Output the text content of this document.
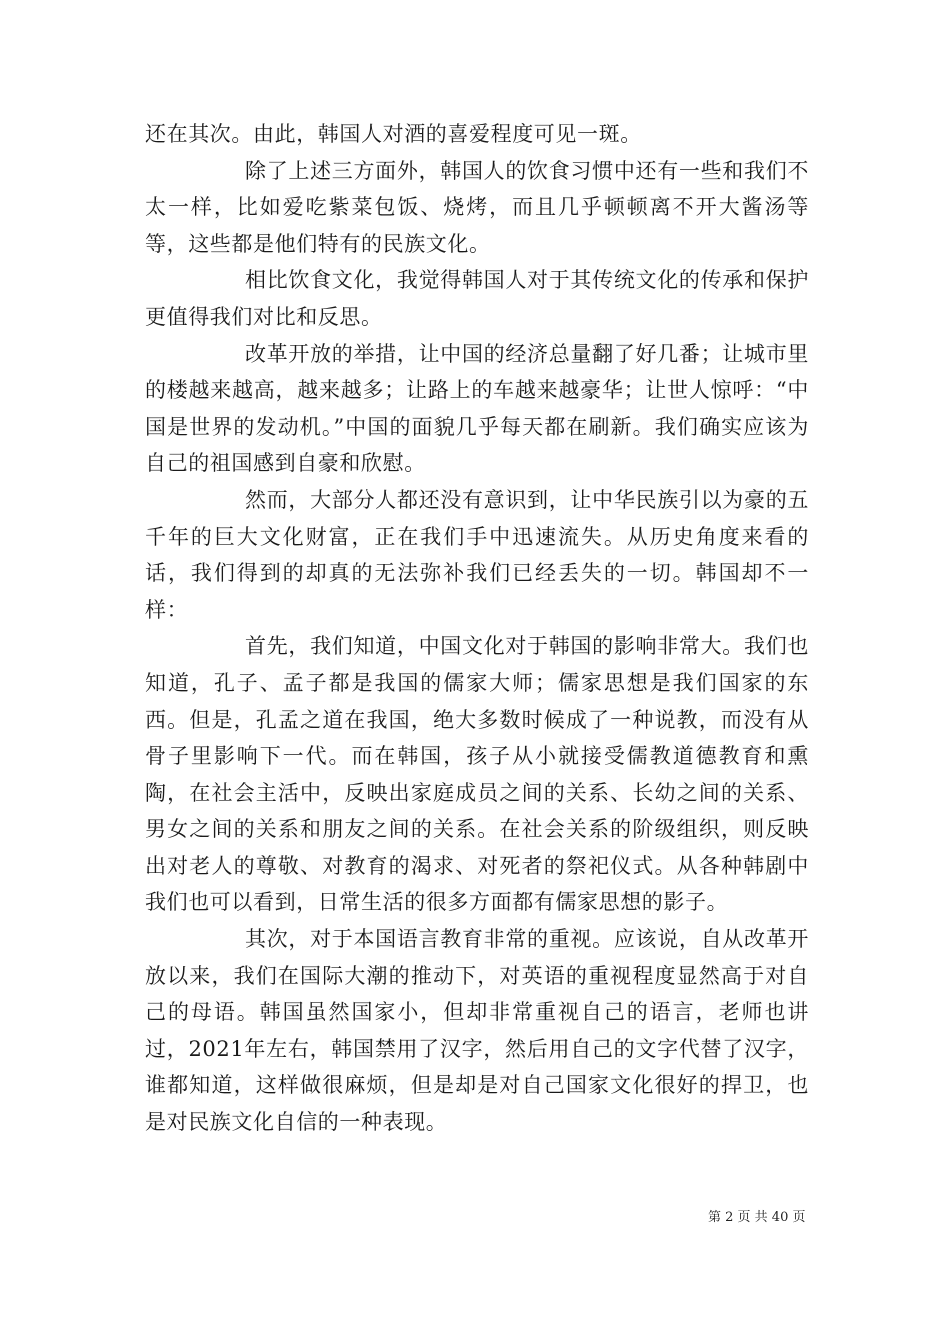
还在其次。由此，韩国人对酒的喜爱程度可见一斑。

除了上述三方面外，韩国人的饮食习惯中还有一些和我们不太一样，比如爱吃紫菜包饭、烧烤，而且几乎顿顿离不开大酱汤等等，这些都是他们特有的民族文化。

相比饮食文化，我觉得韩国人对于其传统文化的传承和保护更值得我们对比和反思。

改革开放的举措，让中国的经济总量翻了好几番；让城市里的楼越来越高，越来越多；让路上的车越来越豪华；让世人惊呼：“中国是世界的发动机。”中国的面貌几乎每天都在刷新。我们确实应该为自己的祖国感到自豪和欣慰。

然而，大部分人都还没有意识到，让中华民族引以为豪的五千年的巨大文化财富，正在我们手中迅速流失。从历史角度来看的话，我们得到的却真的无法弥补我们已经丢失的一切。韩国却不一样：

首先，我们知道，中国文化对于韩国的影响非常大。我们也知道，孔子、孟子都是我国的儒家大师；儒家思想是我们国家的东西。但是，孔孟之道在我国，绝大多数时候成了一种说教，而没有从骨子里影响下一代。而在韩国，孩子从小就接受儒教道德教育和熏陶，在社会主活中，反映出家庭成员之间的关系、长幼之间的关系、男女之间的关系和朋友之间的关系。在社会关系的阶级组织，则反映出对老人的尊敬、对教育的渴求、对死者的祭祀仪式。从各种韩剧中我们也可以看到，日常生活的很多方面都有儒家思想的影子。

其次，对于本国语言教育非常的重视。应该说，自从改革开放以来，我们在国际大潮的推动下，对英语的重视程度显然高于对自己的母语。韩国虽然国家小，但却非常重视自己的语言，老师也讲过，2021年左右，韩国禁用了汉字，然后用自己的文字代替了汉字，谁都知道，这样做很麻烦，但是却是对自己国家文化很好的捍卫，也是对民族文化自信的一种表现。

第 2 页 共 40 页
